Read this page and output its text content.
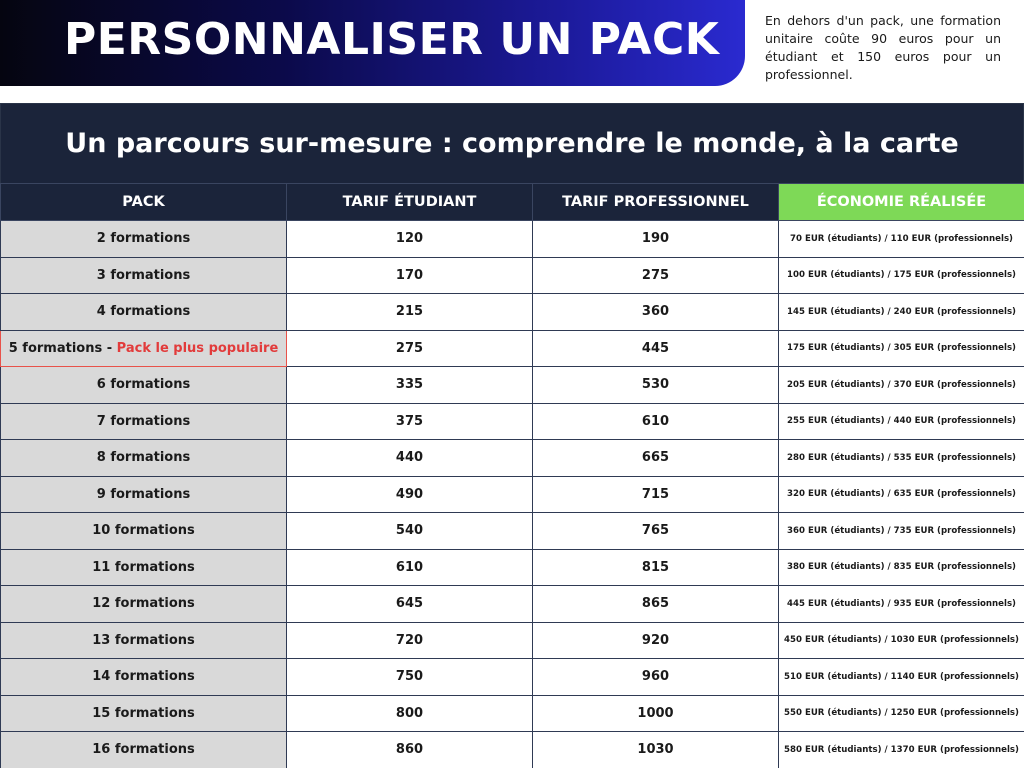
PERSONNALISER UN PACK	En dehors d'un pack, une formation unitaire coûte 90 euros pour un étudiant et 150 euros pour un professionnel.
Un parcours sur-mesure : comprendre le monde, à la carte
PACK	TARIF ÉTUDIANT	TARIF PROFESSIONNEL	ÉCONOMIE RÉALISÉE
2 formations	120	190	70 EUR (étudiants) / 110 EUR (professionnels)
3 formations	170	275	100 EUR (étudiants) / 175 EUR (professionnels)
4 formations	215	360	145 EUR (étudiants) / 240 EUR (professionnels)
5 formations - Pack le plus populaire	275	445	175 EUR (étudiants) / 305 EUR (professionnels)
6 formations	335	530	205 EUR (étudiants) / 370 EUR (professionnels)
7 formations	375	610	255 EUR (étudiants) / 440 EUR (professionnels)
8 formations	440	665	280 EUR (étudiants) / 535 EUR (professionnels)
9 formations	490	715	320 EUR (étudiants) / 635 EUR (professionnels)
10 formations	540	765	360 EUR (étudiants) / 735 EUR (professionnels)
11 formations	610	815	380 EUR (étudiants) / 835 EUR (professionnels)
12 formations	645	865	445 EUR (étudiants) / 935 EUR (professionnels)
13 formations	720	920	450 EUR (étudiants) / 1030 EUR (professionnels)
14 formations	750	960	510 EUR (étudiants) / 1140 EUR (professionnels)
15 formations	800	1000	550 EUR (étudiants) / 1250 EUR (professionnels)
16 formations	860	1030	580 EUR (étudiants) / 1370 EUR (professionnels)
